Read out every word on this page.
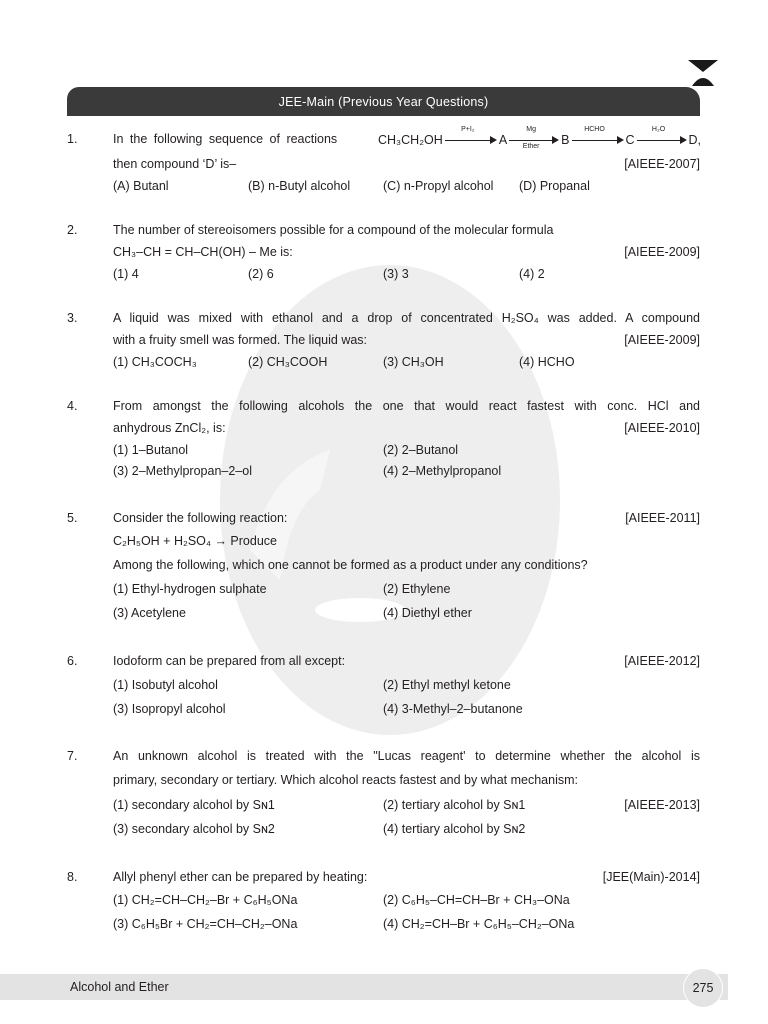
JEE-Main (Previous Year Questions)
1.	In the following sequence of reactions	CH₃CH₂OH
P+I₂
A
Mg
Ether	B
HCHO
C
H₂O
D,
then compound ‘D’ is–	[AIEEE-2007]
(A) Butanl	(B) n-Butyl alcohol	(C) n-Propyl alcohol (D) Propanal
2.	The number of stereoisomers possible for a compound of the molecular formula
CH₃–CH = CH–CH(OH) – Me is:	[AIEEE-2009]
(1) 4	(2) 6	(3) 3	(4) 2
3.	A liquid was mixed with ethanol and a drop of concentrated H₂SO₄ was added. A compound
with a fruity smell was formed. The liquid was:	[AIEEE-2009]
(1) CH₃COCH₃	(2) CH₃COOH	(3) CH₃OH	(4) HCHO
4.	From amongst the following alcohols the one that would react fastest with conc. HCl and
anhydrous ZnCl₂, is:	[AIEEE-2010]
(1) 1–Butanol	(2) 2–Butanol
(3) 2–Methylpropan–2–ol	(4) 2–Methylpropanol
5.	Consider the following reaction:	[AIEEE-2011]
C₂H₅OH + H₂SO₄ → Produce
Among the following, which one cannot be formed as a product under any conditions?
(1) Ethyl-hydrogen sulphate	(2) Ethylene
(3) Acetylene	(4) Diethyl ether
6.	Iodoform can be prepared from all except:	[AIEEE-2012]
(1) Isobutyl alcohol	(2) Ethyl methyl ketone
(3) Isopropyl alcohol	(4) 3-Methyl–2–butanone
7.	An unknown alcohol is treated with the "Lucas reagent' to determine whether the alcohol is
primary, secondary or tertiary. Which alcohol reacts fastest and by what mechanism:
(1) secondary alcohol by Sɴ1	(2) tertiary alcohol by Sɴ1	[AIEEE-2013]
(3) secondary alcohol by Sɴ2	(4) tertiary alcohol by Sɴ2
8.	Allyl phenyl ether can be prepared by heating:	[JEE(Main)-2014]
(1) CH₂=CH–CH₂–Br + C₆H₅ONa	(2) C₆H₅–CH=CH–Br + CH₃–ONa
(3) C₆H₅Br + CH₂=CH–CH₂–ONa	(4) CH₂=CH–Br + C₆H₅–CH₂–ONa
Alcohol and Ether	275
